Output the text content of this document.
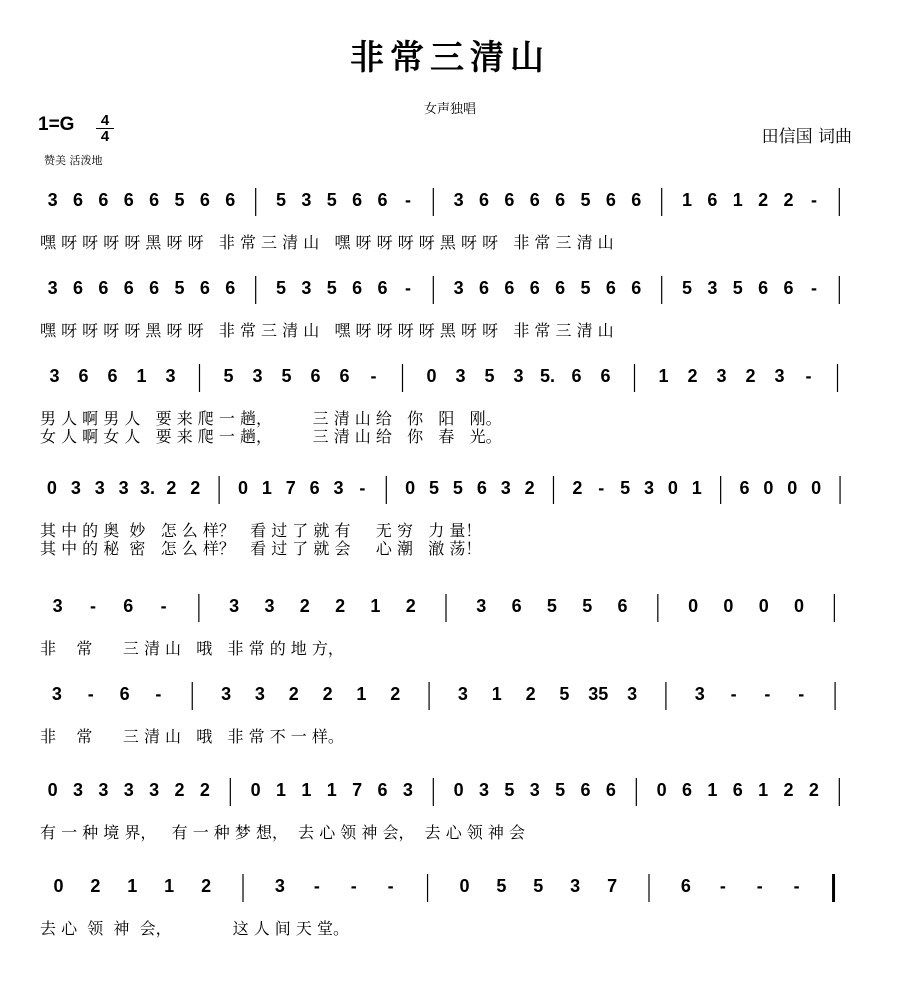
非常三清山
女声独唱
1=G	4
4
赞美 活泼地
田信国 词曲
3 6 6 6 6 5 6 6 5 3 5 6 6 - 3 6 6 6 6 5 6 6 1 6 1 2 2 -
嘿 呀 呀 呀 呀 黑 呀 呀   非 常 三 清 山   嘿 呀 呀 呀 呀 黑 呀 呀   非 常 三 清 山
3 6 6 6 6 5 6 6 5 3 5 6 6 - 3 6 6 6 6 5 6 6 5 3 5 6 6 -
嘿 呀 呀 呀 呀 黑 呀 呀   非 常 三 清 山   嘿 呀 呀 呀 呀 黑 呀 呀   非 常 三 清 山
3 6 6 1 3	5 3 5 6 6 -	0 3 5 3 5. 6 6	1 2 3 2 3 -
男 人 啊 男 人   要 来 爬 一 趟，        三 清 山 给   你   阳   刚。
女 人 啊 女 人   要 来 爬 一 趟，        三 清 山 给   你   春   光。
0 3 3 3 3. 2 2 0 1 7 6 3 - 0 5 5 6 3 2 2 - 5 3 0 1 6 0 0 0
其 中 的 奥  妙   怎 么 样？   看 过 了 就 有     无 穷   力 量！
其 中 的 秘  密   怎 么 样？   看 过 了 就 会     心 潮   澈 荡！
3 - 6 -	3 3 2 2 1 2	3 6 5 5 6	0 0 0 0
非    常      三 清 山   哦   非 常 的 地 方，
3 - 6 -	3 3 2 2 1 2	3 1 2 5 35 3	3 - - -
非    常      三 清 山   哦   非 常 不 一 样。
0 3 3 3 3 2 2 0 1 1 1 7 6 3 0 3 5 3 5 6 6 0 6 1 6 1 2 2
有 一 种 境 界，   有 一 种 梦 想，  去 心 领 神 会，  去 心 领 神 会
0 2 1 1 2	3 - - -	0 5 5 3 7	6 - - -
去 心  领  神  会，            这 人 间 天 堂。
